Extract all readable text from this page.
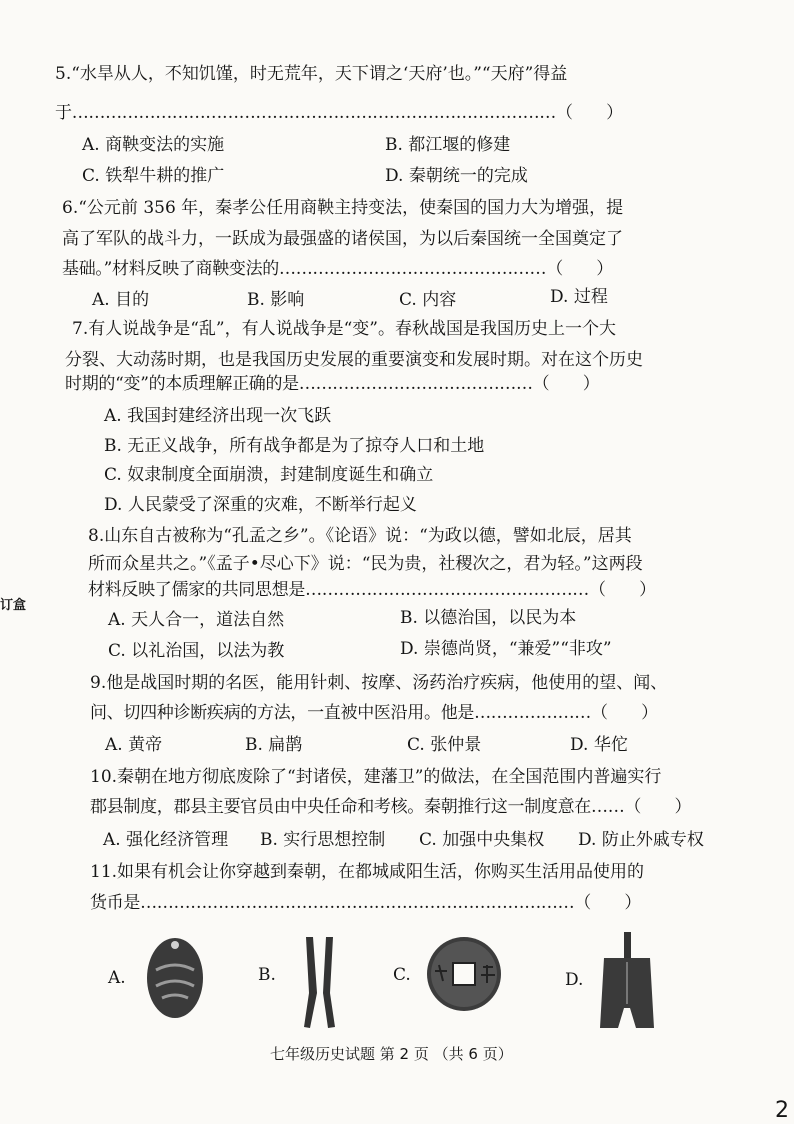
5.“水旱从人，不知饥馑，时无荒年，天下谓之‘天府’也。”“天府”得益
于……………………………………………………………………………（　　）
A. 商鞅变法的实施	B. 都江堰的修建
C. 铁犁牛耕的推广	D. 秦朝统一的完成
6.“公元前 356 年，秦孝公任用商鞅主持变法，使秦国的国力大为增强，提
高了军队的战斗力，一跃成为最强盛的诸侯国，为以后秦国统一全国奠定了
基础。”材料反映了商鞅变法的…………………………………………（　　）
A. 目的	B. 影响	C. 内容	D. 过程
7.有人说战争是“乱”，有人说战争是“变”。春秋战国是我国历史上一个大
分裂、大动荡时期，也是我国历史发展的重要演变和发展时期。对在这个历史
时期的“变”的本质理解正确的是……………………………………（　　）
A. 我国封建经济出现一次飞跃
B. 无正义战争，所有战争都是为了掠夺人口和土地
C. 奴隶制度全面崩溃，封建制度诞生和确立
D. 人民蒙受了深重的灾难，不断举行起义
8.山东自古被称为“孔孟之乡”。《论语》说：“为政以德，譬如北辰，居其
所而众星共之。”《孟子•尽心下》说：“民为贵，社稷次之，君为轻。”这两段
材料反映了儒家的共同思想是……………………………………………（　　）
A. 天人合一，道法自然	B. 以德治国，以民为本
C. 以礼治国，以法为教	D. 崇德尚贤，“兼爱”“非攻”
订盒
9.他是战国时期的名医，能用针刺、按摩、汤药治疗疾病，他使用的望、闻、
问、切四种诊断疾病的方法，一直被中医沿用。他是…………………（　　）
A. 黄帝	B. 扁鹊	C. 张仲景	D. 华佗
10.秦朝在地方彻底废除了“封诸侯，建藩卫”的做法，在全国范围内普遍实行
郡县制度，郡县主要官员由中央任命和考核。秦朝推行这一制度意在……（　　）
A. 强化经济管理 B. 实行思想控制 C. 加强中央集权 D. 防止外戚专权
11.如果有机会让你穿越到秦朝，在都城咸阳生活，你购买生活用品使用的
货币是……………………………………………………………………（　　）
A.	B.	C.	D.
七年级历史试题 第 2 页 （共 6 页）
2
